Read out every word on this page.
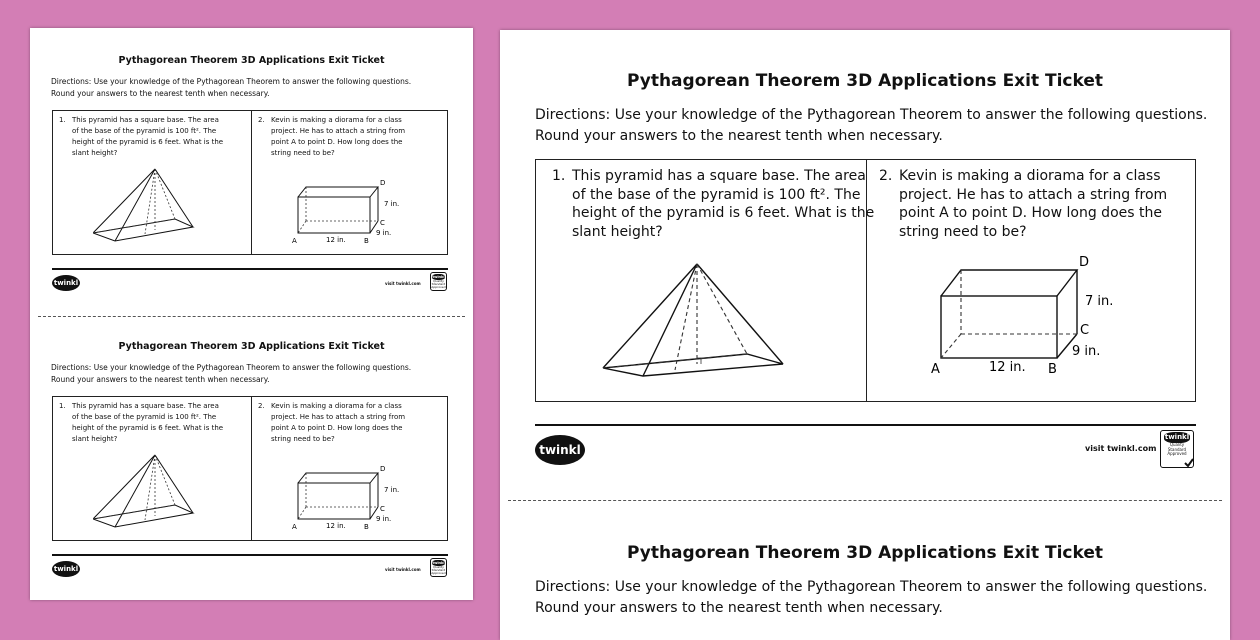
Pythagorean Theorem 3D Applications Exit Ticket
Directions: Use your knowledge of the Pythagorean Theorem to answer the following questions.
Round your answers to the nearest tenth when necessary.
1. This pyramid has a square base. The area
of the base of the pyramid is 100 ft². The
height of the pyramid is 6 feet. What is the
slant height?
2. Kevin is making a diorama for a class
project. He has to attach a string from
point A to point D. How long does the
string need to be?
D
7 in.
C
9 in.
A	12 in.	B
twinkl	visit twinkl.com
twinkl
Quality Standard
Approved
Pythagorean Theorem 3D Applications Exit Ticket
Directions: Use your knowledge of the Pythagorean Theorem to answer the following questions.
Round your answers to the nearest tenth when necessary.
1. This pyramid has a square base. The area
of the base of the pyramid is 100 ft². The
height of the pyramid is 6 feet. What is the
slant height?
2. Kevin is making a diorama for a class
project. He has to attach a string from
point A to point D. How long does the
string need to be?
D
7 in.
C
9 in.
A	12 in.	B
twinkl	visit twinkl.com
twinkl
Quality Standard
Approved
Pythagorean Theorem 3D Applications Exit Ticket
Directions: Use your knowledge of the Pythagorean Theorem to answer the following questions.
Round your answers to the nearest tenth when necessary.
1. This pyramid has a square base. The area
of the base of the pyramid is 100 ft². The
height of the pyramid is 6 feet. What is the
slant height?
2. Kevin is making a diorama for a class
project. He has to attach a string from
point A to point D. How long does the
string need to be?
D
7 in.
C
9 in.
A	12 in. B
twinkl	visit twinkl.com
twinkl
Quality Standard
Approved
Pythagorean Theorem 3D Applications Exit Ticket
Directions: Use your knowledge of the Pythagorean Theorem to answer the following questions.
Round your answers to the nearest tenth when necessary.
